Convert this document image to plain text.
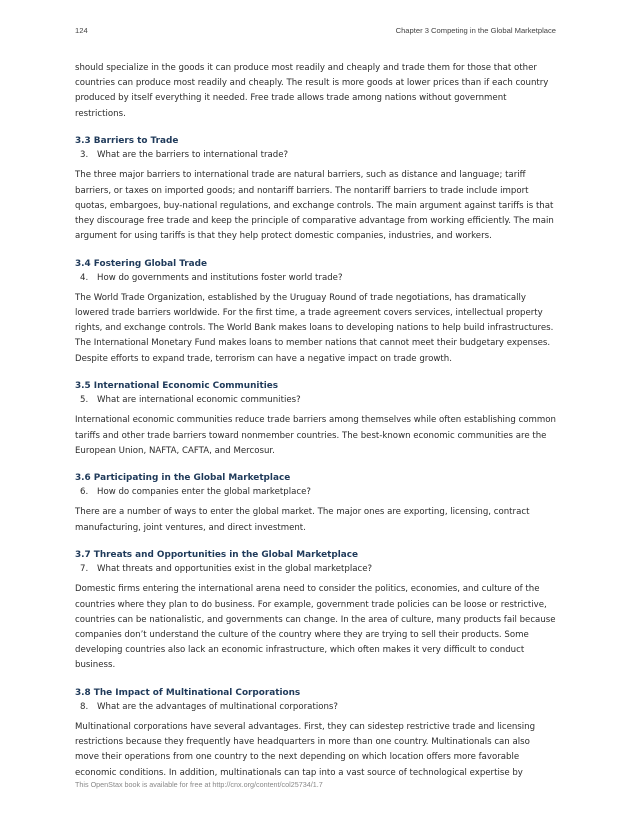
124	Chapter 3 Competing in the Global Marketplace

should specialize in the goods it can produce most readily and cheaply and trade them for those that other countries can produce most readily and cheaply. The result is more goods at lower prices than if each country produced by itself everything it needed. Free trade allows trade among nations without government restrictions.

3.3 Barriers to Trade
3. What are the barriers to international trade?

The three major barriers to international trade are natural barriers, such as distance and language; tariff barriers, or taxes on imported goods; and nontariff barriers. The nontariff barriers to trade include import quotas, embargoes, buy-national regulations, and exchange controls. The main argument against tariffs is that they discourage free trade and keep the principle of comparative advantage from working efficiently. The main argument for using tariffs is that they help protect domestic companies, industries, and workers.

3.4 Fostering Global Trade
4. How do governments and institutions foster world trade?

The World Trade Organization, established by the Uruguay Round of trade negotiations, has dramatically lowered trade barriers worldwide. For the first time, a trade agreement covers services, intellectual property rights, and exchange controls. The World Bank makes loans to developing nations to help build infrastructures. The International Monetary Fund makes loans to member nations that cannot meet their budgetary expenses. Despite efforts to expand trade, terrorism can have a negative impact on trade growth.

3.5 International Economic Communities
5. What are international economic communities?

International economic communities reduce trade barriers among themselves while often establishing common tariffs and other trade barriers toward nonmember countries. The best-known economic communities are the European Union, NAFTA, CAFTA, and Mercosur.

3.6 Participating in the Global Marketplace
6. How do companies enter the global marketplace?

There are a number of ways to enter the global market. The major ones are exporting, licensing, contract manufacturing, joint ventures, and direct investment.

3.7 Threats and Opportunities in the Global Marketplace
7. What threats and opportunities exist in the global marketplace?

Domestic firms entering the international arena need to consider the politics, economies, and culture of the countries where they plan to do business. For example, government trade policies can be loose or restrictive, countries can be nationalistic, and governments can change. In the area of culture, many products fail because companies don’t understand the culture of the country where they are trying to sell their products. Some developing countries also lack an economic infrastructure, which often makes it very difficult to conduct business.

3.8 The Impact of Multinational Corporations
8. What are the advantages of multinational corporations?

Multinational corporations have several advantages. First, they can sidestep restrictive trade and licensing restrictions because they frequently have headquarters in more than one country. Multinationals can also move their operations from one country to the next depending on which location offers more favorable economic conditions. In addition, multinationals can tap into a vast source of technological expertise by

This OpenStax book is available for free at http://cnx.org/content/col25734/1.7
